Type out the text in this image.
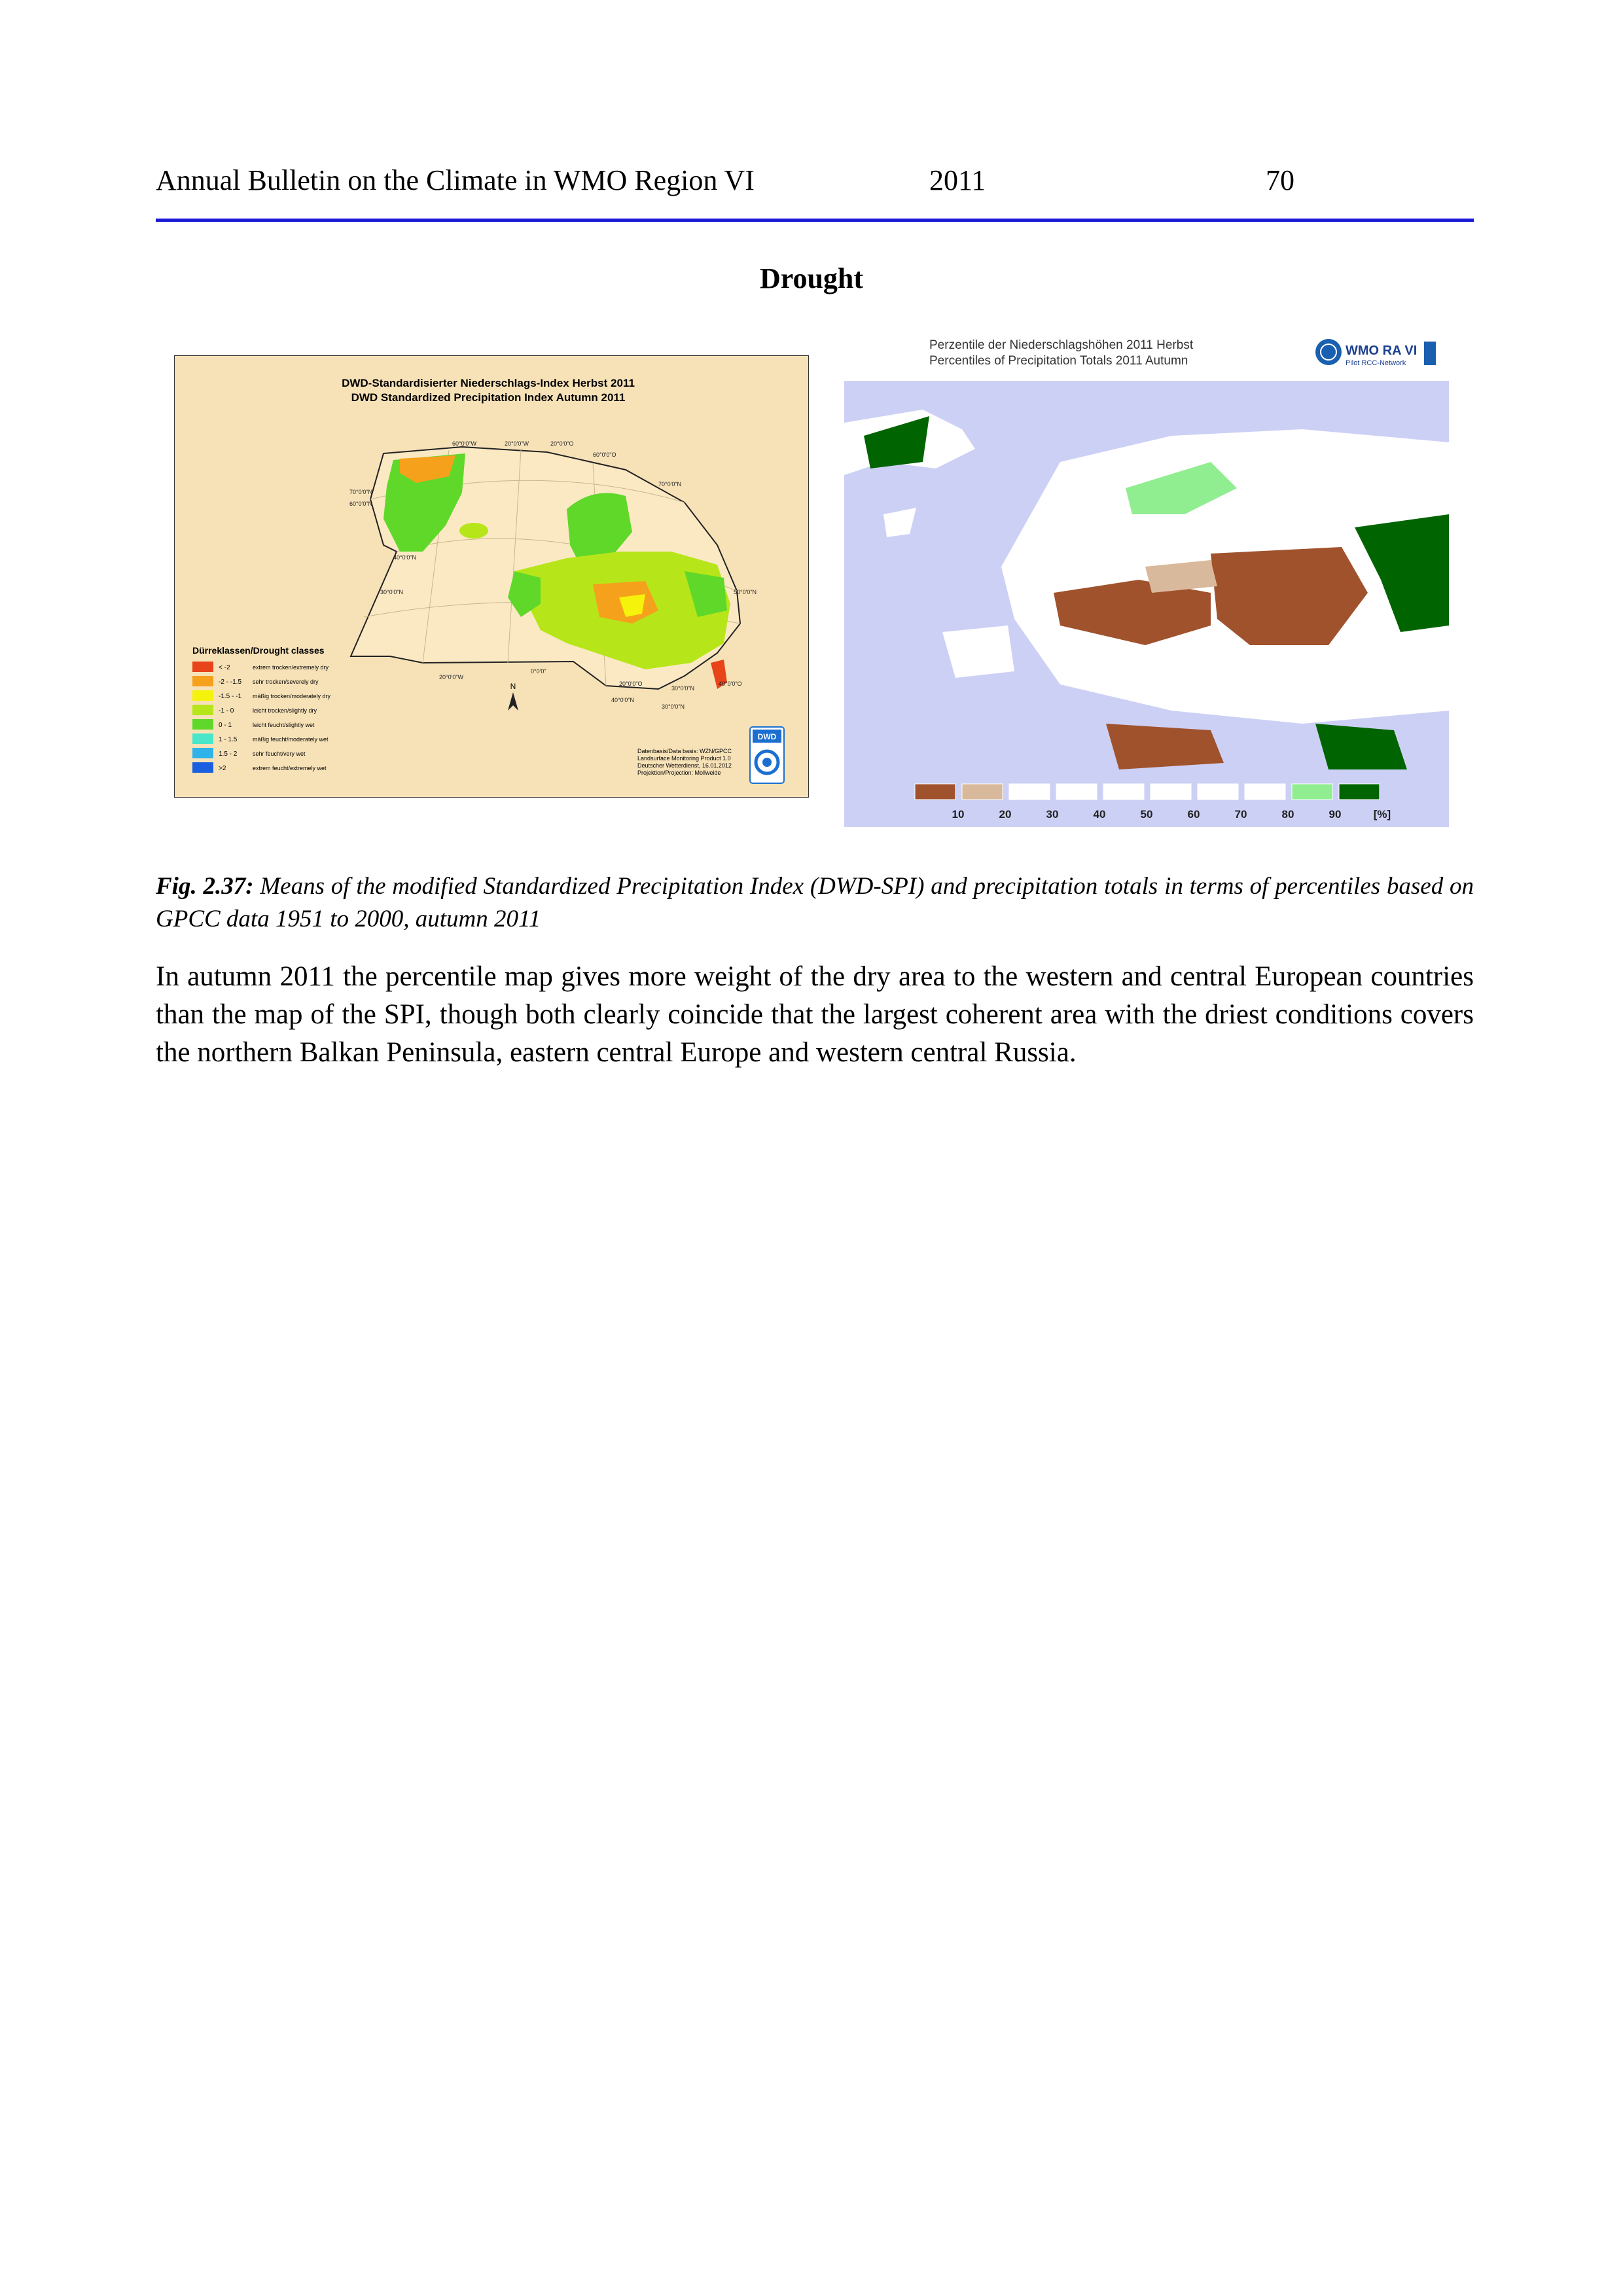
Annual Bulletin on the Climate in WMO Region VI	2011	70
Drought
DWD-Standardisierter Niederschlags-Index Herbst 2011
DWD Standardized Precipitation Index Autumn 2011
60°0'0"W	20°0'0"W	20°0'0"O
60°0'0"O
70°0'0"N
60°0'0"N
40°0'0"N
30°0'0"N
70°0'0"N
50°0'0"N
40°0'0"N
30°0'0"N
20°0'0"W
0°0'0"
20°0'0"O
30°0'0"N
40°0'0"O
N
Dürreklassen/Drought classes
< -2	extrem trocken/extremely dry
-2 - -1.5 sehr trocken/severely dry
-1.5 - -1 mäßig trocken/moderately dry
-1 - 0	leicht trocken/slightly dry
0 - 1	leicht feucht/slightly wet
1 - 1.5	mäßig feucht/moderately wet
1.5 - 2	sehr feucht/very wet
>2	extrem feucht/extremely wet
Datenbasis/Data basis: WZN/GPCC
Landsurface Monitoring Product 1.0
Deutscher Wetterdienst, 16.01.2012
Projektion/Projection: Mollweide
DWD
Perzentile der Niederschlagshöhen 2011 Herbst
Percentiles of Precipitation Totals 2011 Autumn
WMO RA VI
Pilot RCC-Network
10	20	30	40	50	60	70	80	90	[%]
Fig. 2.37: Means of the modified Standardized Precipitation Index (DWD-SPI) and precipitation totals in terms of percentiles based on GPCC data 1951 to 2000, autumn 2011
In autumn 2011 the percentile map gives more weight of the dry area to the western and central European countries than the map of the SPI, though both clearly coincide that the largest coherent area with the driest conditions covers the northern Balkan Peninsula, eastern central Europe and western central Russia.
